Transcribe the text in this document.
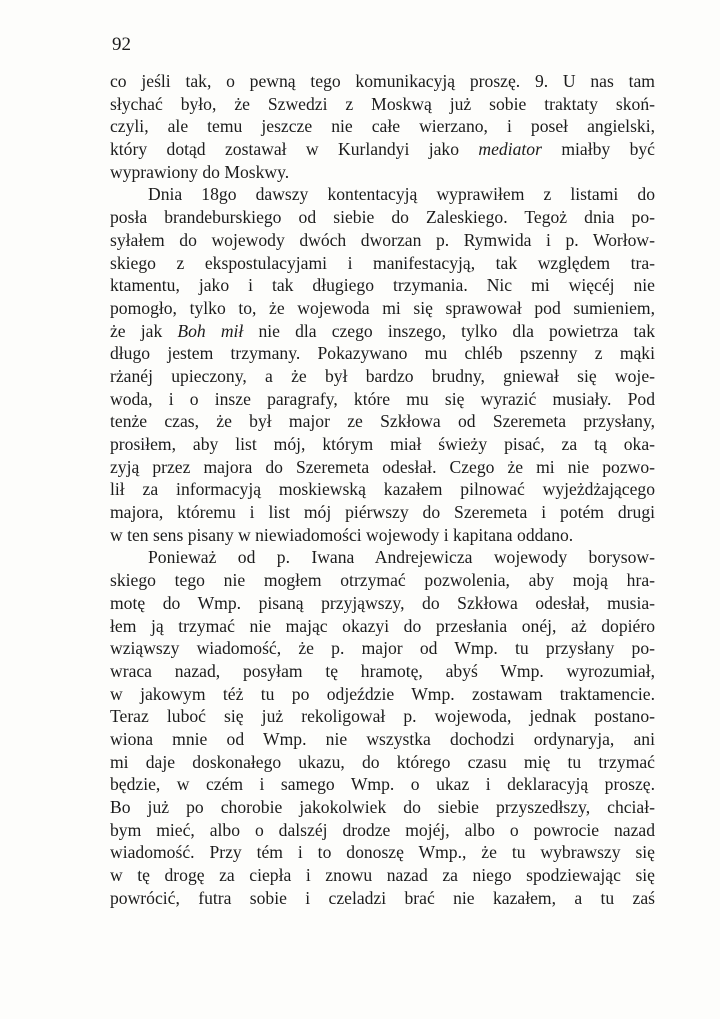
92
co jeśli tak, o pewną tego komunikacyją proszę. 9. U nas tam
słychać było, że Szwedzi z Moskwą już sobie traktaty skoń-
czyli, ale temu jeszcze nie całe wierzano, i poseł angielski,
który dotąd zostawał w Kurlandyi jako mediator miałby być
wyprawiony do Moskwy.
Dnia 18go dawszy kontentacyją wyprawiłem z listami do
posła brandeburskiego od siebie do Zaleskiego. Tegoż dnia po-
syłałem do wojewody dwóch dworzan p. Rymwida i p. Worłow-
skiego z ekspostulacyjami i manifestacyją, tak względem tra-
ktamentu, jako i tak długiego trzymania. Nic mi więcéj nie
pomogło, tylko to, że wojewoda mi się sprawował pod sumieniem,
że jak Boh mił nie dla czego inszego, tylko dla powietrza tak
długo jestem trzymany. Pokazywano mu chléb pszenny z mąki
rżanéj upieczony, a że był bardzo brudny, gniewał się woje-
woda, i o insze paragrafy, które mu się wyrazić musiały. Pod
tenże czas, że był major ze Szkłowa od Szeremeta przysłany,
prosiłem, aby list mój, którym miał świeży pisać, za tą oka-
zyją przez majora do Szeremeta odesłał. Czego że mi nie pozwo-
lił za informacyją moskiewską kazałem pilnować wyjeżdżającego
majora, któremu i list mój piérwszy do Szeremeta i potém drugi
w ten sens pisany w niewiadomości wojewody i kapitana oddano.
Ponieważ od p. Iwana Andrejewicza wojewody borysow-
skiego tego nie mogłem otrzymać pozwolenia, aby moją hra-
motę do Wmp. pisaną przyjąwszy, do Szkłowa odesłał, musia-
łem ją trzymać nie mając okazyi do przesłania onéj, aż dopiéro
wziąwszy wiadomość, że p. major od Wmp. tu przysłany po-
wraca nazad, posyłam tę hramotę, abyś Wmp. wyrozumiał,
w jakowym téż tu po odjeździe Wmp. zostawam traktamencie.
Teraz luboć się już rekoligował p. wojewoda, jednak postano-
wiona mnie od Wmp. nie wszystka dochodzi ordynaryja, ani
mi daje doskonałego ukazu, do którego czasu mię tu trzymać
będzie, w czém i samego Wmp. o ukaz i deklaracyją proszę.
Bo już po chorobie jakokolwiek do siebie przyszedłszy, chciał-
bym mieć, albo o dalszéj drodze mojéj, albo o powrocie nazad
wiadomość. Przy tém i to donoszę Wmp., że tu wybrawszy się
w tę drogę za ciepła i znowu nazad za niego spodziewając się
powrócić, futra sobie i czeladzi brać nie kazałem, a tu zaś
